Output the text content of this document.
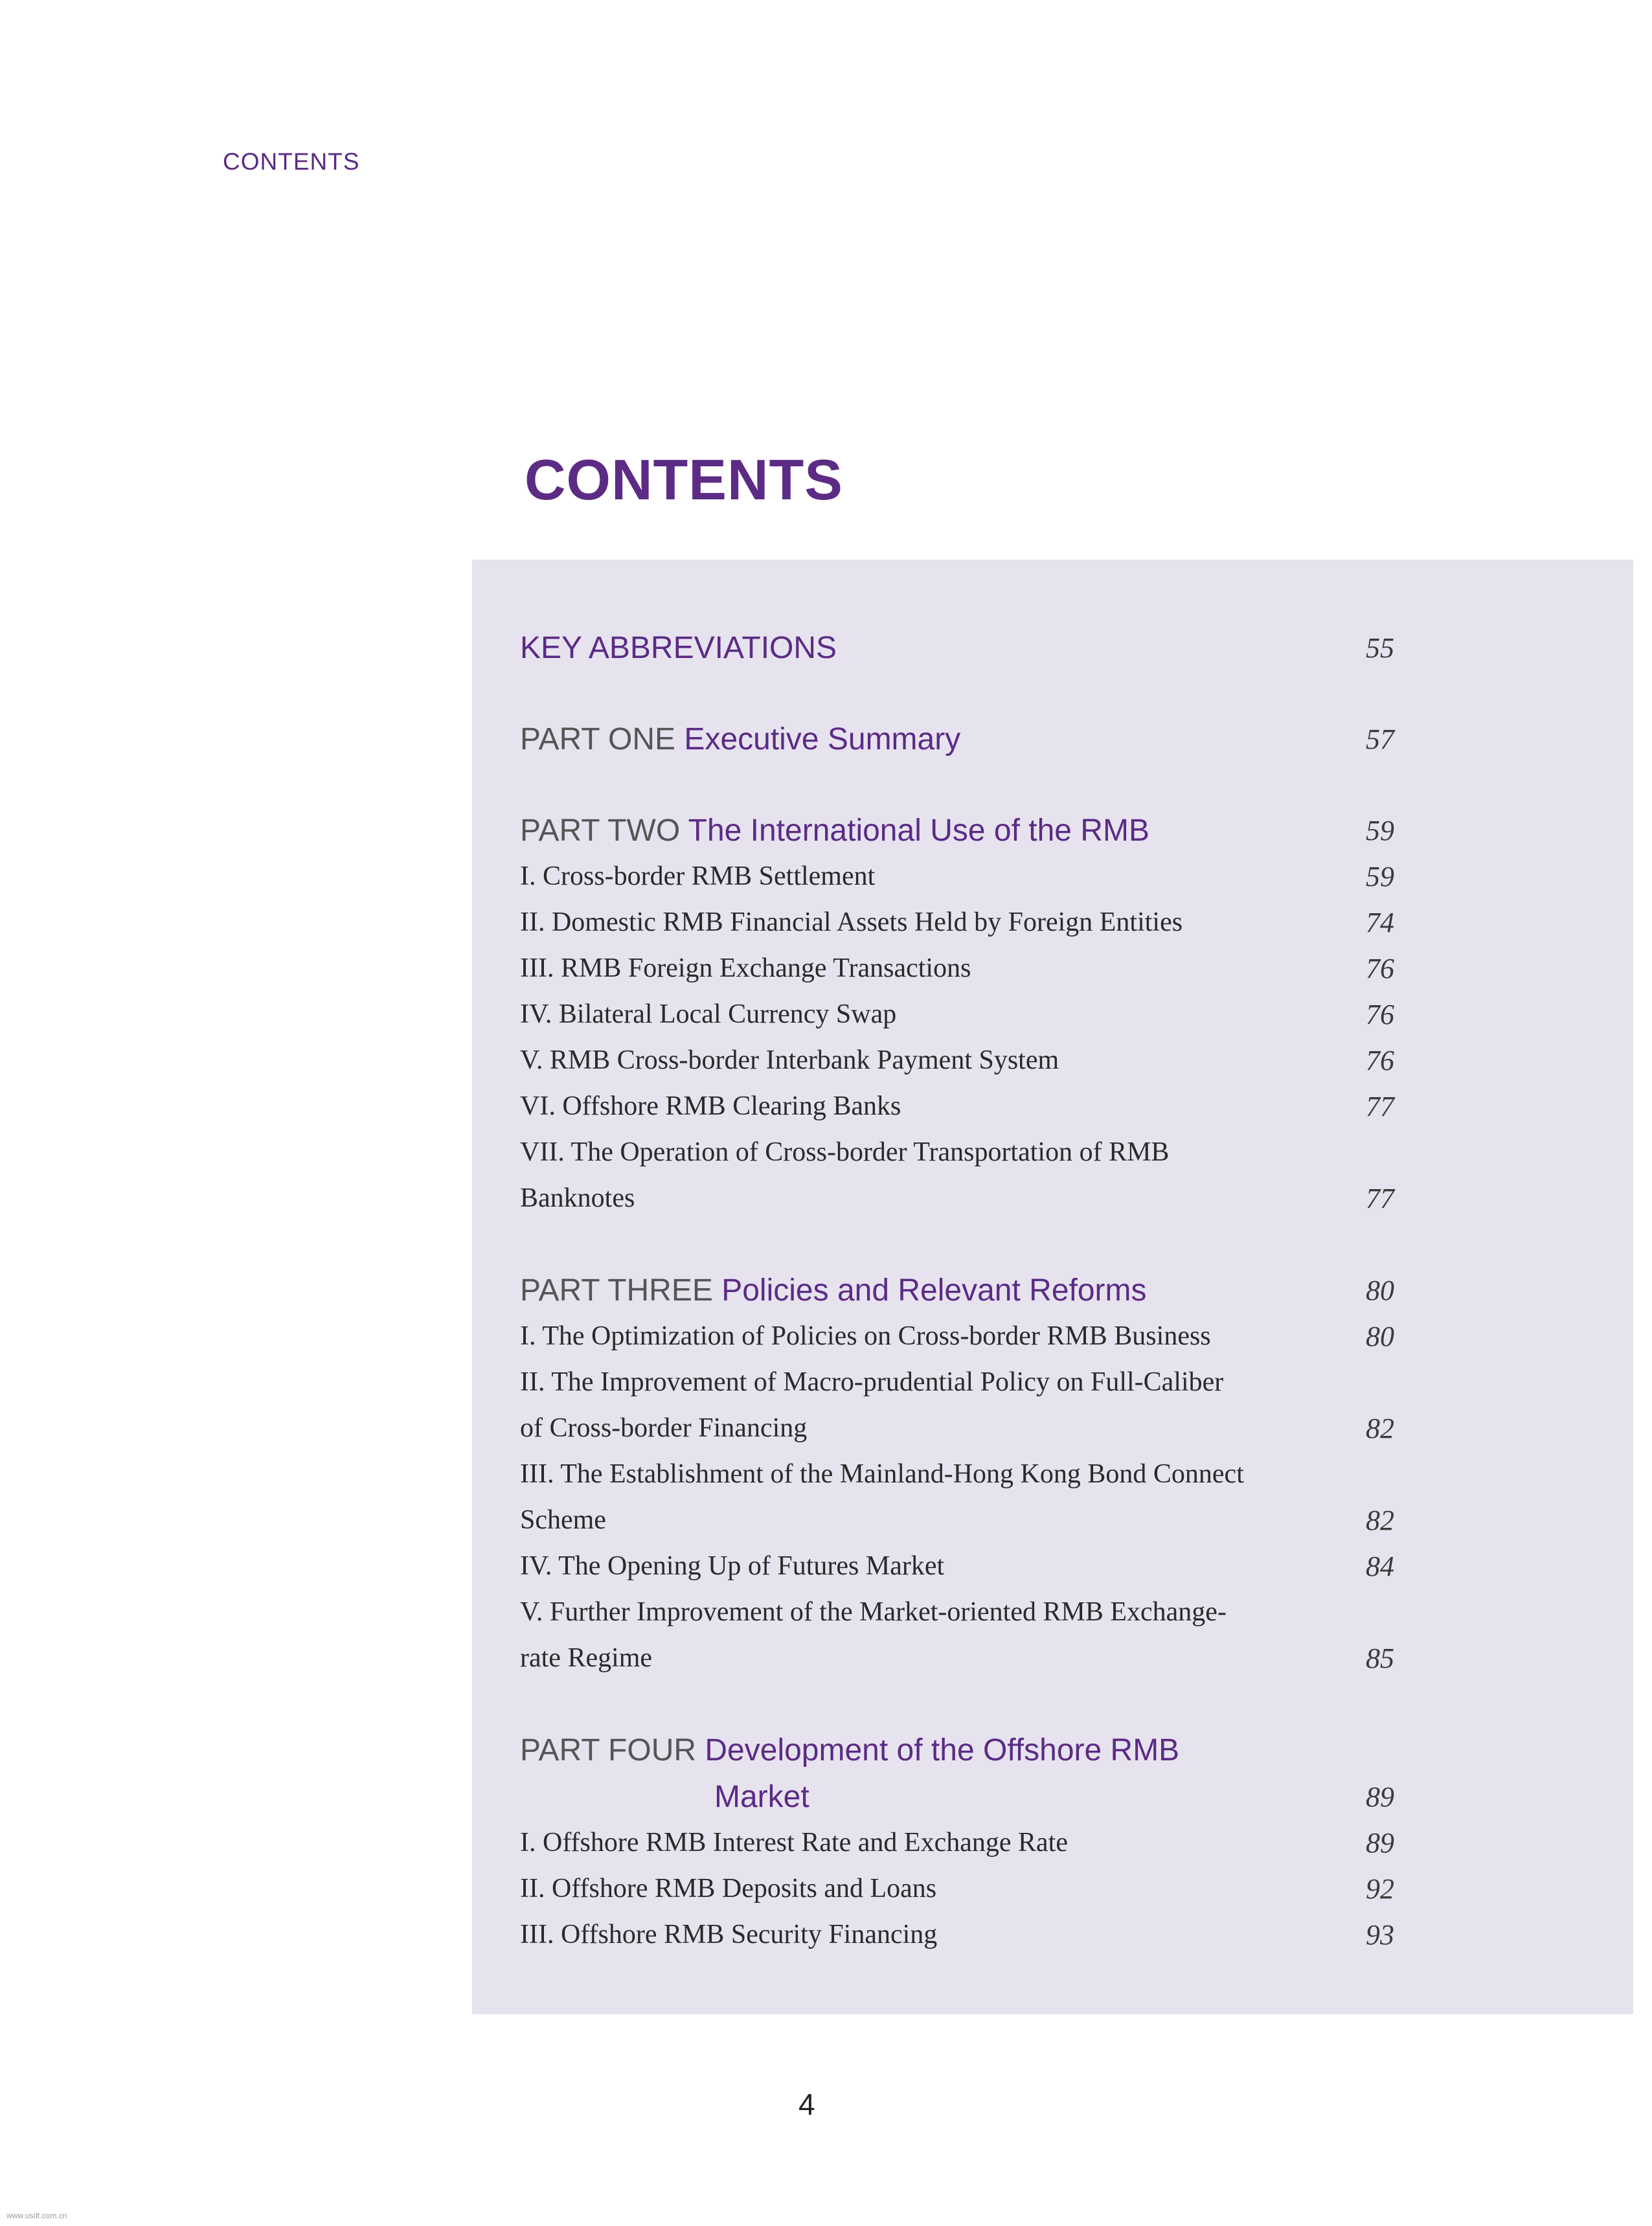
CONTENTS
CONTENTS
KEY ABBREVIATIONS	55
PART ONE Executive Summary	57
PART TWO The International Use of the RMB	59
I. Cross-border RMB Settlement	59
II. Domestic RMB Financial Assets Held by Foreign Entities	74
III. RMB Foreign Exchange Transactions	76
IV. Bilateral Local Currency Swap	76
V. RMB Cross-border Interbank Payment System	76
VI. Offshore RMB Clearing Banks	77
VII. The Operation of Cross-border Transportation of RMB
Banknotes	77
PART THREE Policies and Relevant Reforms	80
I. The Optimization of Policies on Cross-border RMB Business	80
II. The Improvement of Macro-prudential Policy on Full-Caliber
of Cross-border Financing	82
III. The Establishment of the Mainland-Hong Kong Bond Connect
Scheme	82
IV. The Opening Up of Futures Market	84
V. Further Improvement of the Market-oriented RMB Exchange-
rate Regime	85
PART FOUR Development of the Offshore RMB
Market	89
I. Offshore RMB Interest Rate and Exchange Rate	89
II. Offshore RMB Deposits and Loans	92
III. Offshore RMB Security Financing	93
4
www.usdt.com.cn
